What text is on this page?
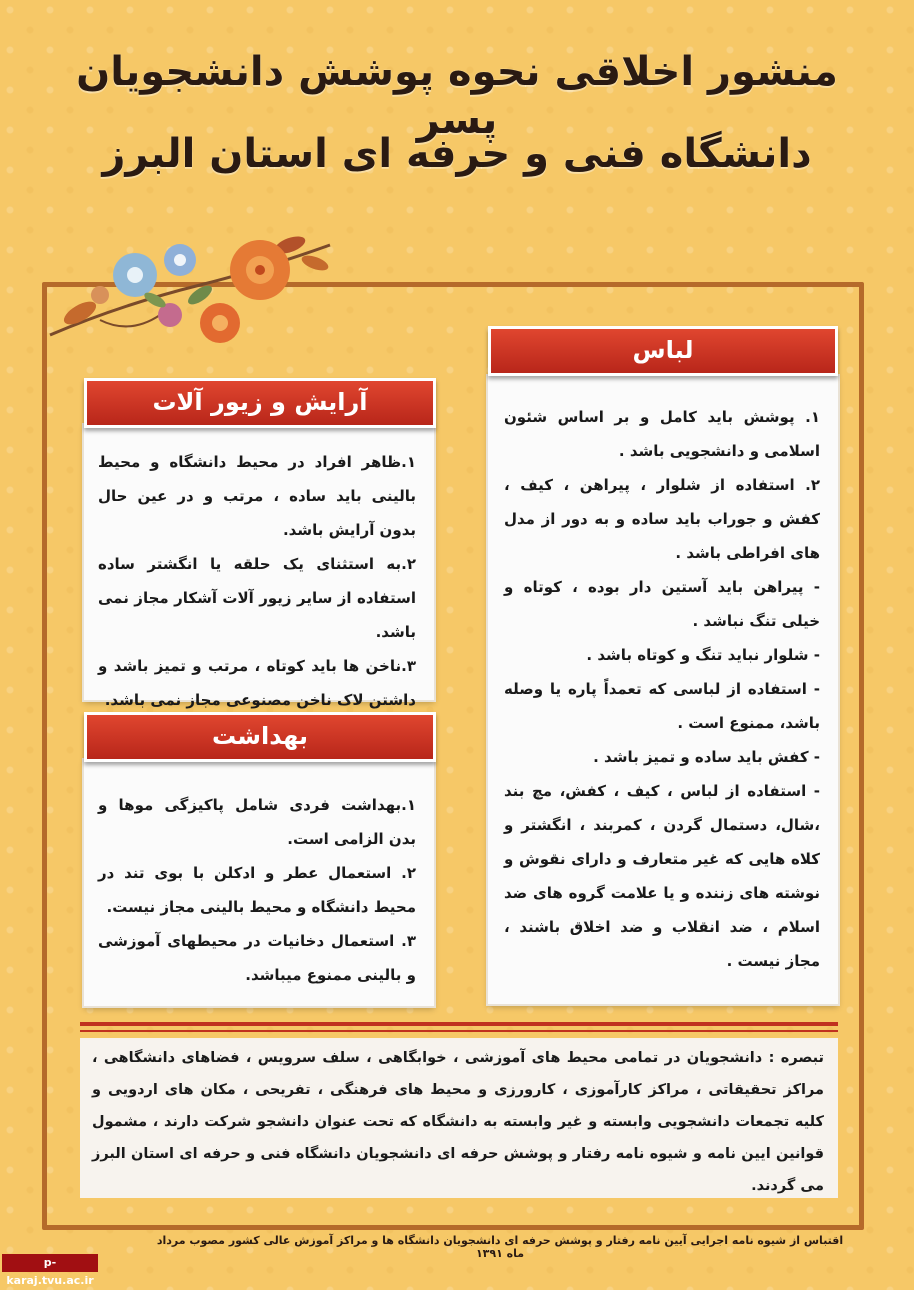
منشور اخلاقی نحوه پوشش دانشجویان پسر
دانشگاه فنی و حرفه ای استان البرز

۱. پوشش باید کامل و بر اساس شئون اسلامی و دانشجویی باشد .

۲. استفاده از شلوار ، پیراهن ، کیف ، کفش و جوراب باید ساده و به دور از مدل های افراطی باشد .

- پیراهن باید آستین دار بوده ، کوتاه و خیلی تنگ نباشد .

- شلوار نباید تنگ و کوتاه باشد .

- استفاده از لباسی که تعمداً پاره یا وصله باشد، ممنوع است .

- کفش باید ساده و تمیز باشد .

- استفاده از لباس ، کیف ، کفش، مچ بند ،شال، دستمال گردن ، کمربند ، انگشتر و کلاه هایی که غیر متعارف و دارای نقوش و نوشته های زننده و یا علامت گروه های ضد اسلام ، ضد انقلاب و ضد اخلاق باشند ، مجاز نیست .

لباس

۱.ظاهر افراد در محیط دانشگاه و محیط بالینی باید ساده ، مرتب و در عین حال بدون آرایش باشد.

۲.به استثنای یک حلقه یا انگشتر ساده استفاده از سایر زیور آلات آشکار مجاز نمی باشد.

۳.ناخن ها باید کوتاه ، مرتب و تمیز باشد و داشتن لاک ناخن مصنوعی مجاز نمی باشد.

آرایش و زیور آلات

۱.بهداشت فردی شامل پاکیزگی موها و بدن الزامی است.

۲. استعمال عطر و ادکلن با بوی تند در محیط دانشگاه و محیط بالینی مجاز نیست.

۳. استعمال دخانیات در محیطهای آموزشی و بالینی ممنوع میباشد.

بهداشت
تبصره : دانشجویان در تمامی محیط های آموزشی ، خوابگاهی ، سلف سرویس ، فضاهای دانشگاهی ، مراکز تحقیقاتی ، مراکز کارآموزی ، کارورزی و محیط های فرهنگی ، تفریحی ، مکان های اردویی و کلیه تجمعات دانشجویی وابسته و غیر وابسته به دانشگاه که تحت عنوان دانشجو شرکت دارند ، مشمول قوانین ایین نامه و شیوه نامه رفتار و پوشش حرفه ای دانشجویان دانشگاه فنی و حرفه ای استان البرز می گردند.
اقتباس از شیوه نامه اجرایی آیین نامه رفتار و پوشش حرفه ای دانشجویان دانشگاه ها و مراکز آموزش عالی کشور مصوب مرداد ماه ۱۳۹۱
p-karaj.tvu.ac.ir
